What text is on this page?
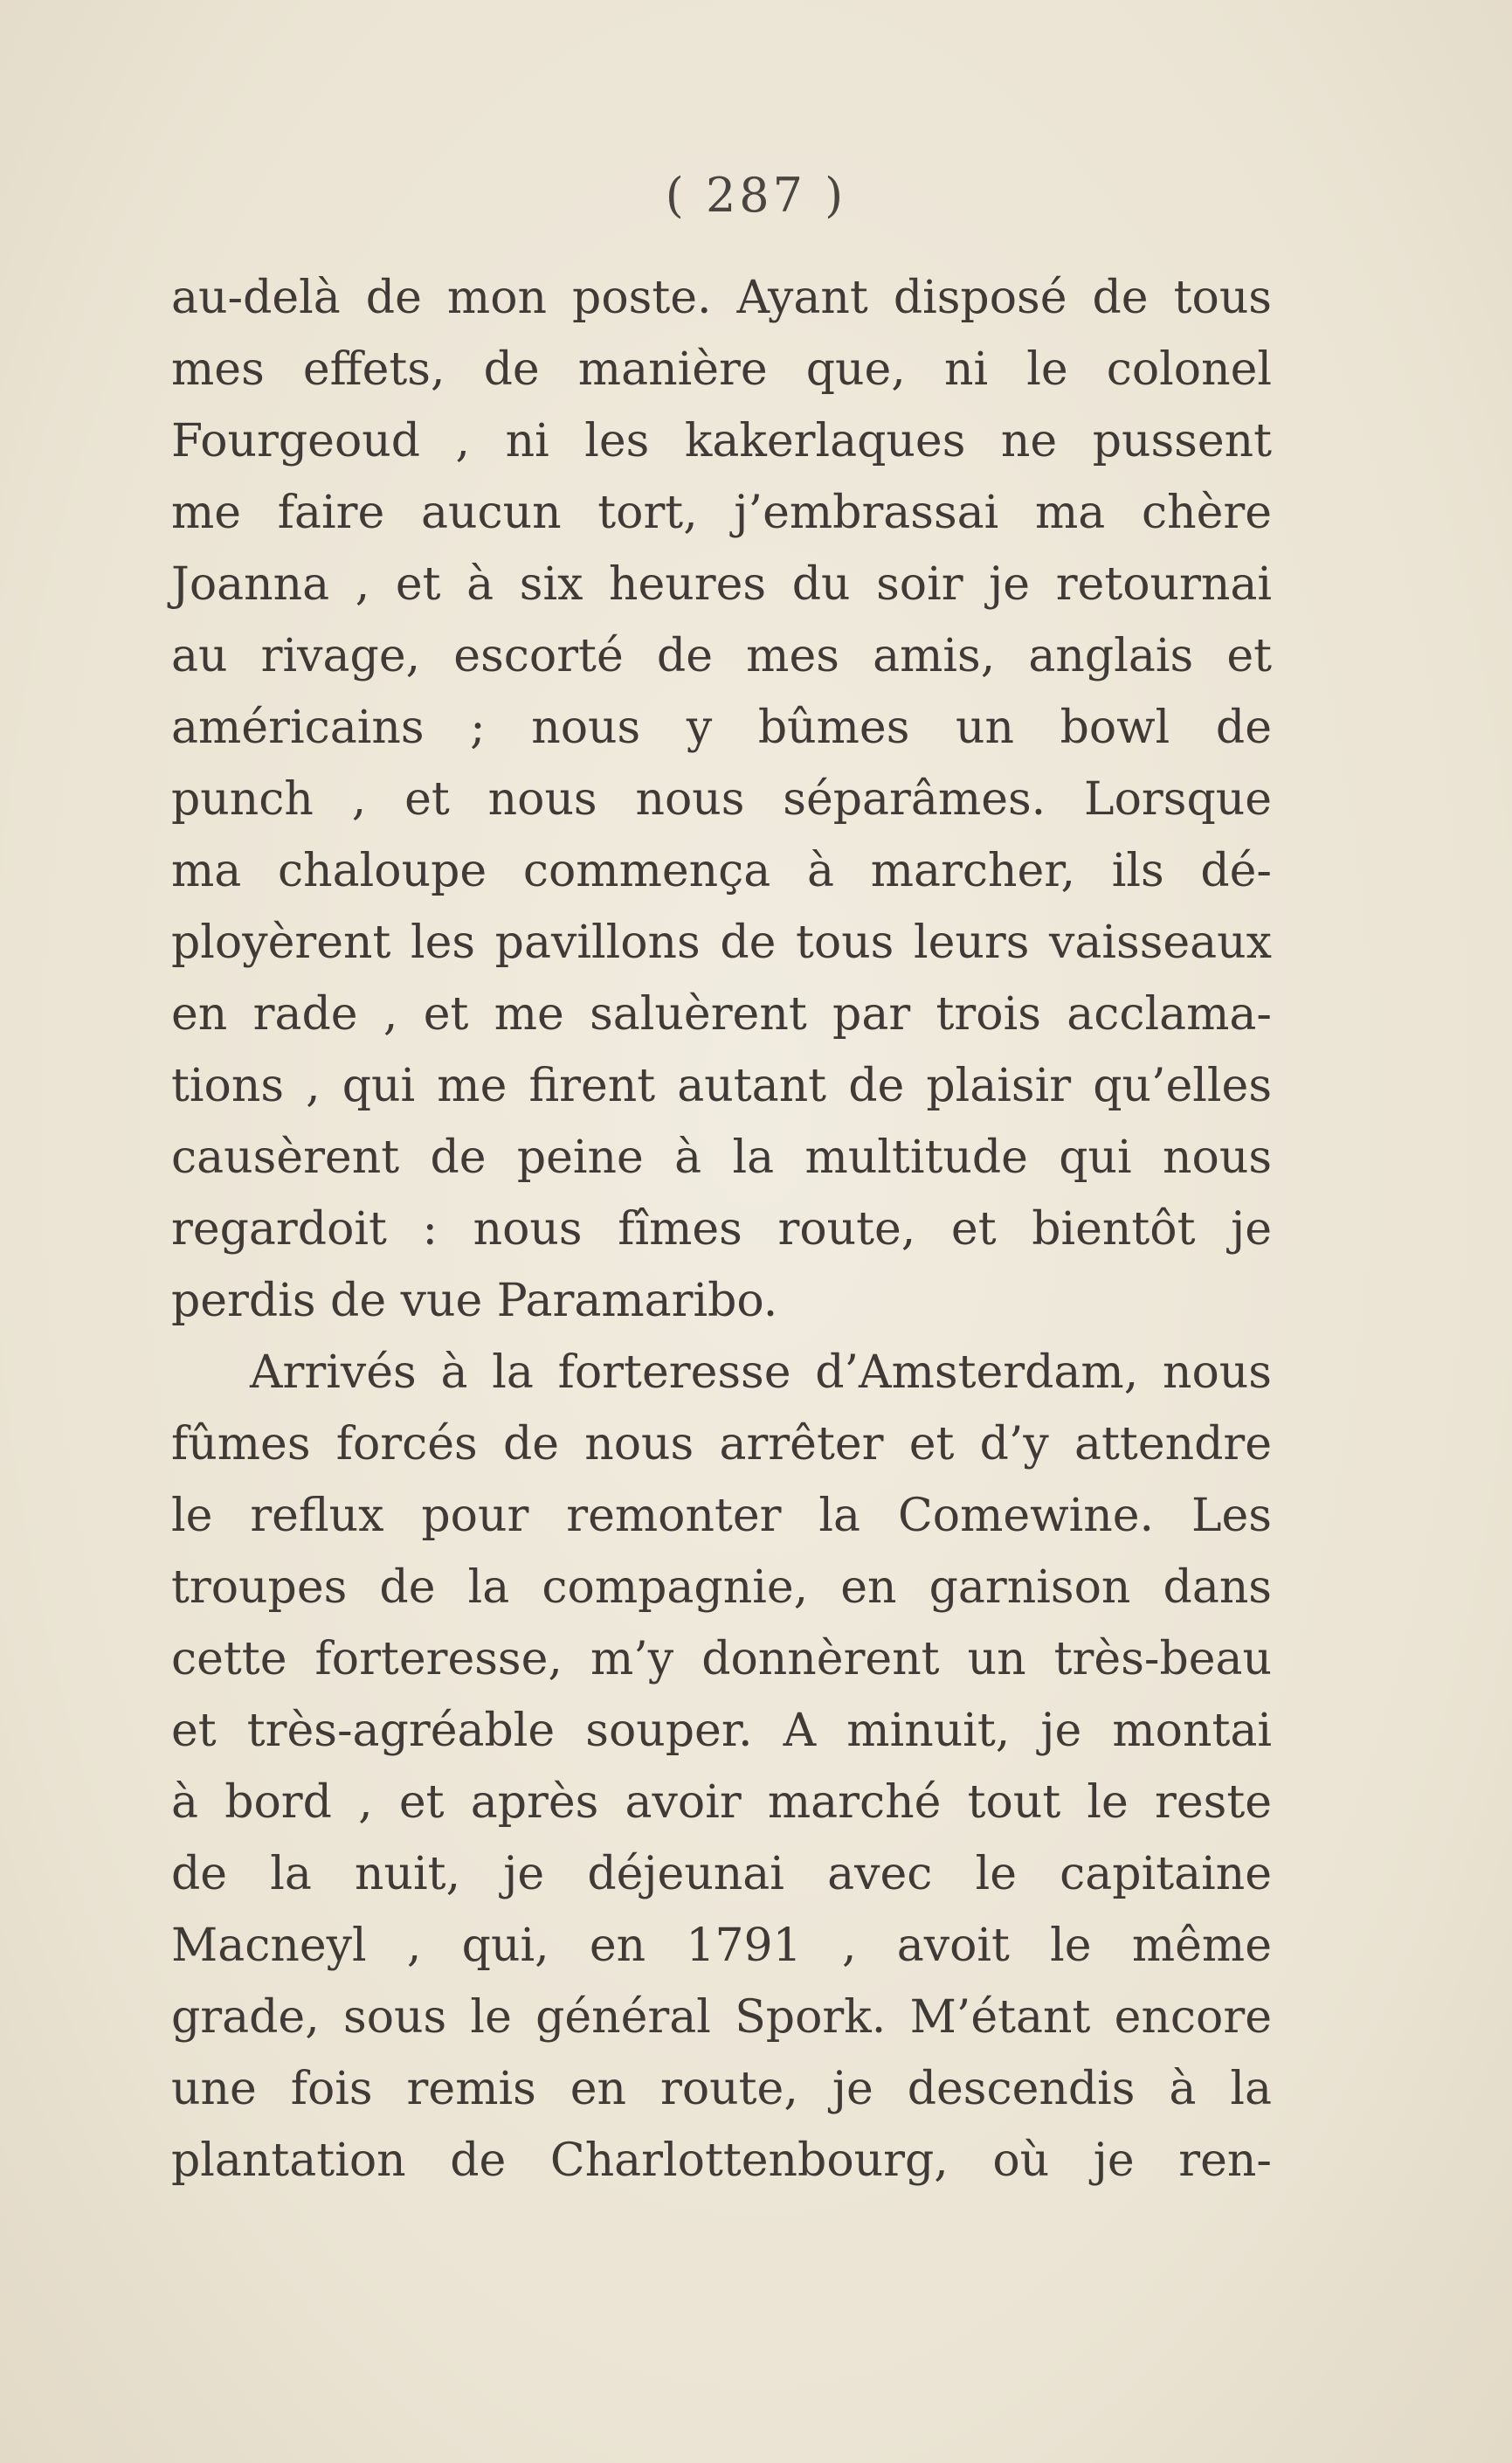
( 287 )
au-delà de mon poste. Ayant disposé de tous
mes effets, de manière que, ni le colonel
Fourgeoud , ni les kakerlaques ne pussent
me faire aucun tort, j’embrassai ma chère
Joanna , et à six heures du soir je retournai
au rivage, escorté de mes amis, anglais et
américains ; nous y bûmes un bowl de
punch , et nous nous séparâmes. Lorsque
ma chaloupe commença à marcher, ils dé-
ployèrent les pavillons de tous leurs vaisseaux
en rade , et me saluèrent par trois acclama-
tions , qui me firent autant de plaisir qu’elles
causèrent de peine à la multitude qui nous
regardoit : nous fîmes route, et bientôt je
perdis de vue Paramaribo.
Arrivés à la forteresse d’Amsterdam, nous
fûmes forcés de nous arrêter et d’y attendre
le reflux pour remonter la Comewine. Les
troupes de la compagnie, en garnison dans
cette forteresse, m’y donnèrent un très-beau
et très-agréable souper. A minuit, je montai
à bord , et après avoir marché tout le reste
de la nuit, je déjeunai avec le capitaine
Macneyl , qui, en 1791 , avoit le même
grade, sous le général Spork. M’étant encore
une fois remis en route, je descendis à la
plantation de Charlottenbourg, où je ren-
